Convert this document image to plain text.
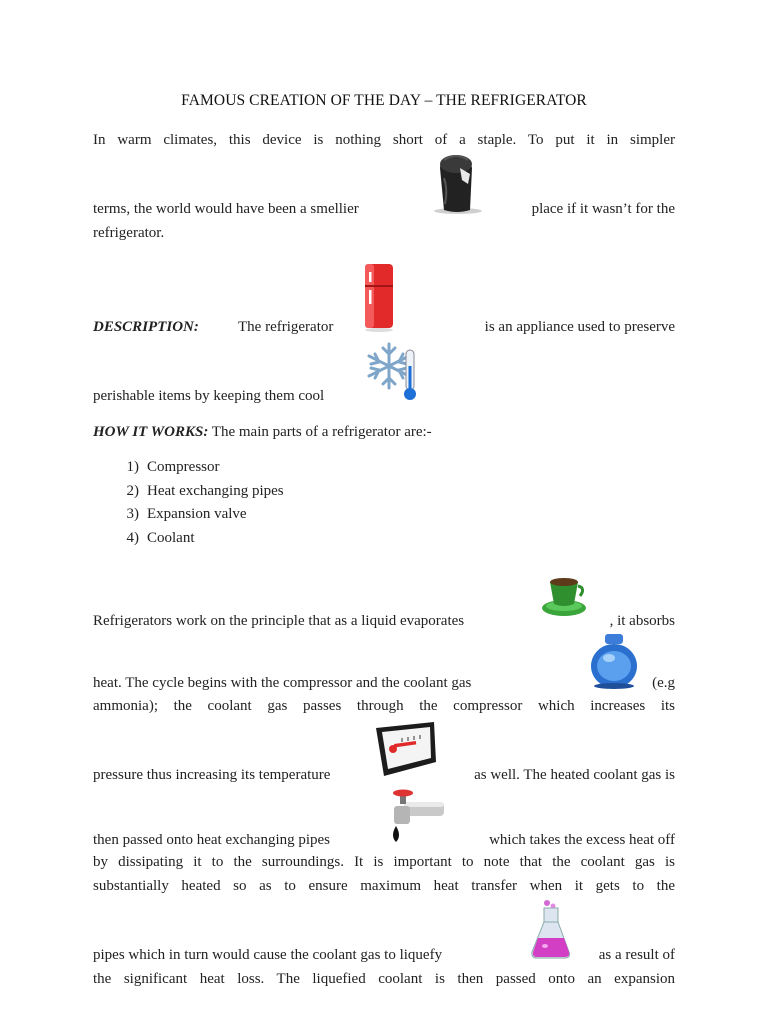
FAMOUS CREATION OF THE DAY – THE REFRIGERATOR
In warm climates, this device is nothing short of a staple. To put it in simpler
terms, the world would have been a smellier	place if it wasn’t for the
refrigerator.
DESCRIPTION:	The refrigerator	is an appliance used to preserve
perishable items by keeping them cool
HOW IT WORKS: The main parts of a refrigerator are:-
1) Compressor
2) Heat exchanging pipes
3) Expansion valve
4) Coolant
Refrigerators work on the principle that as a liquid evaporates	, it absorbs
heat. The cycle begins with the compressor and the coolant gas	(e.g
ammonia); the coolant gas passes through the compressor which increases its
pressure thus increasing its temperature	as well. The heated coolant gas is
then passed onto heat exchanging pipes	which takes the excess heat off
by dissipating it to the surroundings. It is important to note that the coolant gas is
substantially heated so as to ensure maximum heat transfer when it gets to the
pipes which in turn would cause the coolant gas to liquefy	as a result of
the significant heat loss. The liquefied coolant is then passed onto an expansion
